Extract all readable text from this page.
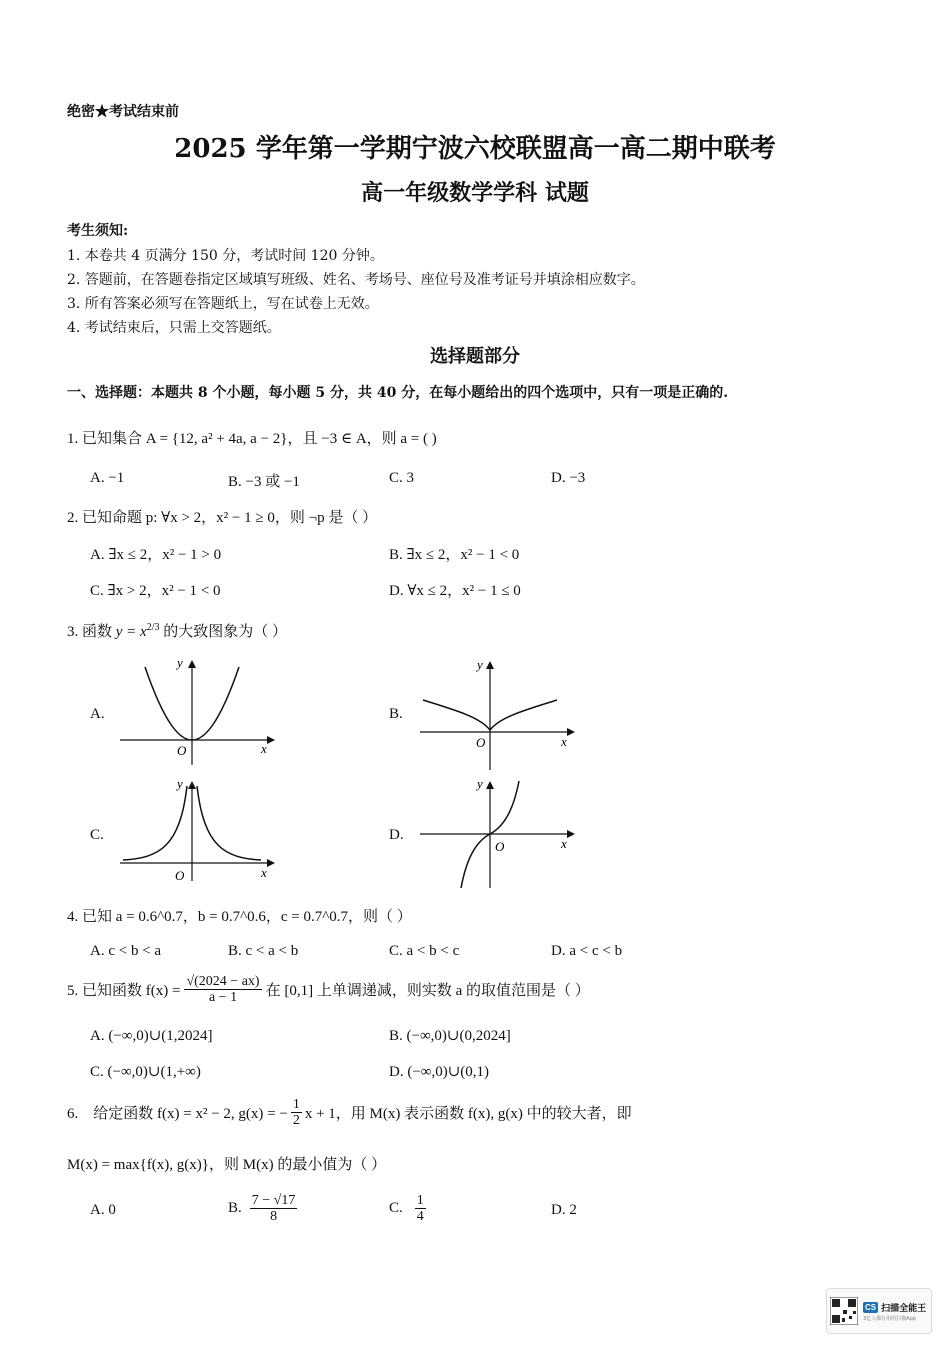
绝密★考试结束前
2025 学年第一学期宁波六校联盟高一高二期中联考
高一年级数学学科 试题
考生须知:
1. 本卷共 4 页满分 150 分，考试时间 120 分钟。
2. 答题前，在答题卷指定区域填写班级、姓名、考场号、座位号及准考证号并填涂相应数字。
3. 所有答案必须写在答题纸上，写在试卷上无效。
4. 考试结束后，只需上交答题纸。
选择题部分
一、选择题：本题共 8 个小题，每小题 5 分，共 40 分，在每小题给出的四个选项中，只有一项是正确的.
1. 已知集合 A = {12, a² + 4a, a − 2}，且 −3 ∈ A，则 a = ( )
A. −1	B. −3 或 −1	C. 3	D. −3
2. 已知命题 p: ∀x > 2，x² − 1 ≥ 0，则 ¬p 是（ ）
A. ∃x ≤ 2，x² − 1 > 0	B. ∃x ≤ 2，x² − 1 < 0
C. ∃x > 2，x² − 1 < 0	D. ∀x ≤ 2，x² − 1 ≤ 0
3. 函数 $y = x^{2/3}$ 的大致图象为（ ）
A.	B.
C.	D.
y
x
O
y
x
O
y
x
O
y
x
O
4. 已知 a = 0.6^0.7，b = 0.7^0.6，c = 0.7^0.7，则（ ）
A. c < b < a	B. c < a < b	C. a < b < c	D. a < c < b
5. 已知函数 $f(x) = \frac{√(2024 - ax)}{a - 1}$ 在 [0,1] 上单调递减，则实数 a 的取值范围是（ ）
A. (−∞,0)∪(1,2024]	B. (−∞,0)∪(0,2024]
C. (−∞,0)∪(1,+∞)	D. (−∞,0)∪(0,1)
6.    给定函数 f(x) = x² − 2, g(x) = − $\frac{1}{2}$ x + 1，用 M(x) 表示函数 f(x), g(x) 中的较大者，即
M(x) = max{f(x), g(x)}，则 M(x) 的最小值为（ ）
A. 0	B. $\frac{7 - √17}{8}$	C. $\frac{1}{4}$	D. 2
CS 扫描全能王
3亿人都在用的扫描App
